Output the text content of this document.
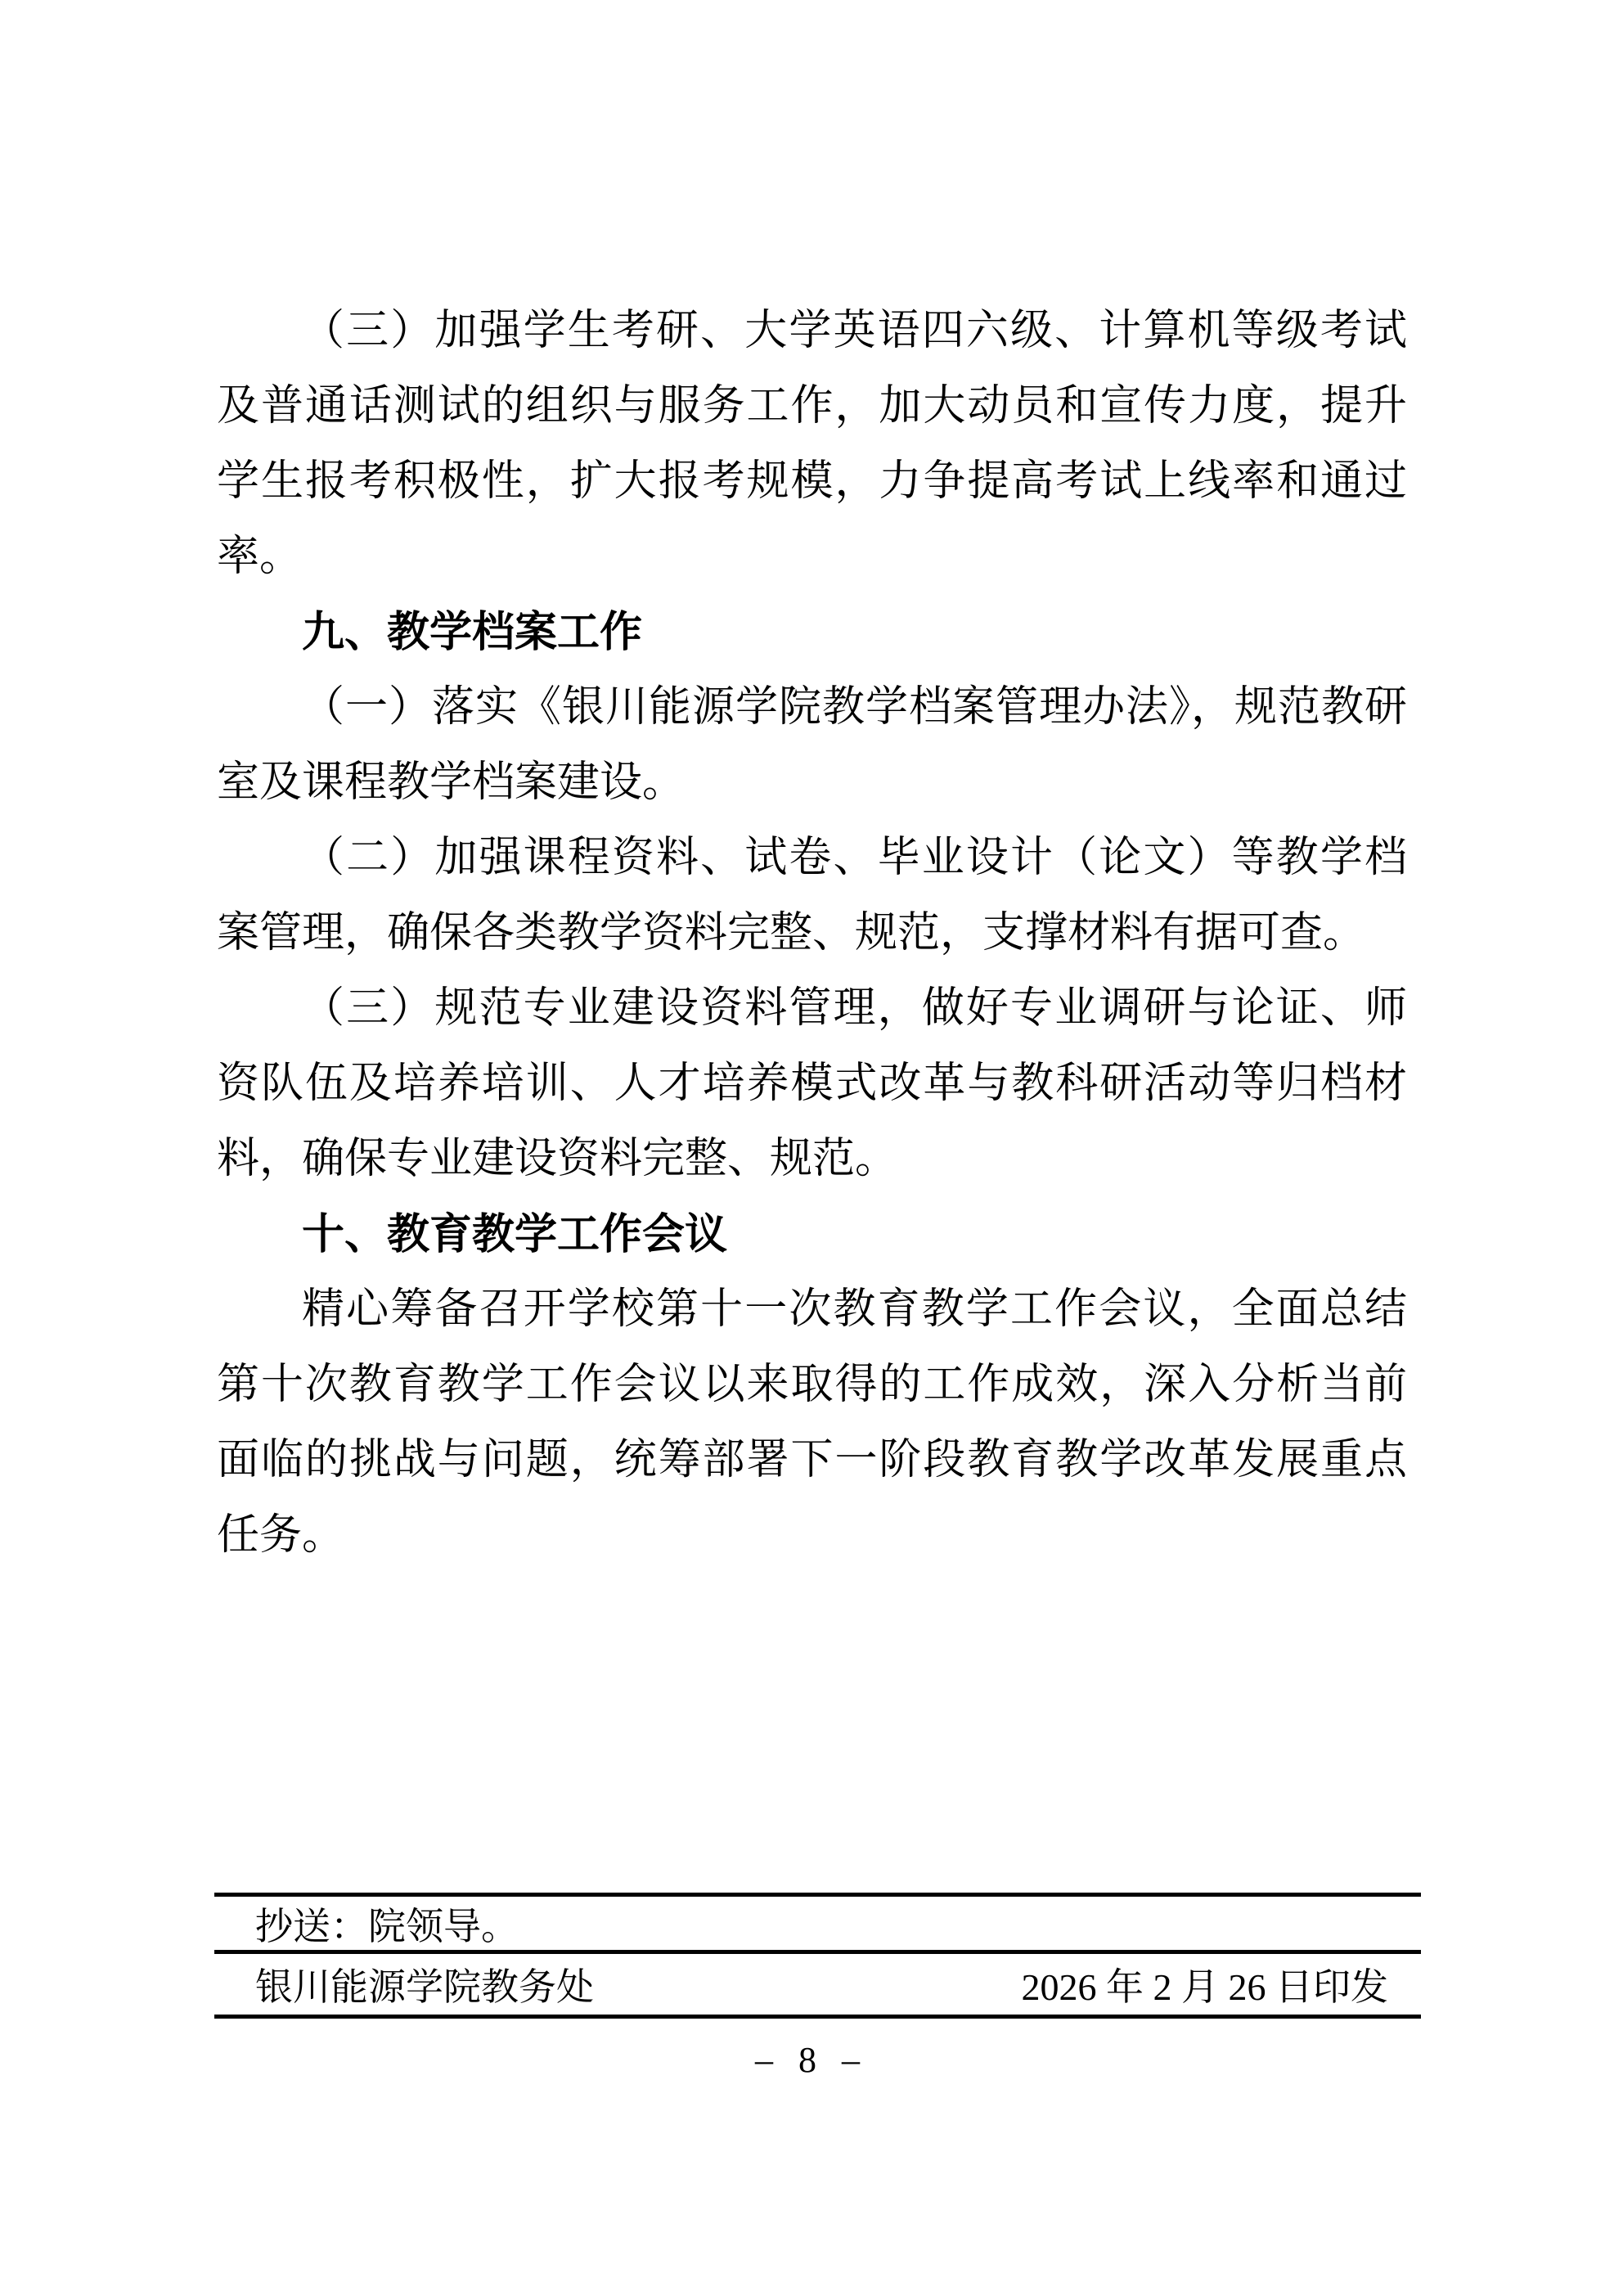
（三）加强学生考研、大学英语四六级、计算机等级考试及普通话测试的组织与服务工作，加大动员和宣传力度，提升学生报考积极性，扩大报考规模，力争提高考试上线率和通过率。

九、教学档案工作

（一）落实《银川能源学院教学档案管理办法》，规范教研室及课程教学档案建设。

（二）加强课程资料、试卷、毕业设计（论文）等教学档案管理，确保各类教学资料完整、规范，支撑材料有据可查。

（三）规范专业建设资料管理，做好专业调研与论证、师资队伍及培养培训、人才培养模式改革与教科研活动等归档材料，确保专业建设资料完整、规范。

十、教育教学工作会议

精心筹备召开学校第十一次教育教学工作会议，全面总结第十次教育教学工作会议以来取得的工作成效，深入分析当前面临的挑战与问题，统筹部署下一阶段教育教学改革发展重点任务。

抄送：院领导。
银川能源学院教务处	2026 年 2 月 26 日印发
– 8 –
